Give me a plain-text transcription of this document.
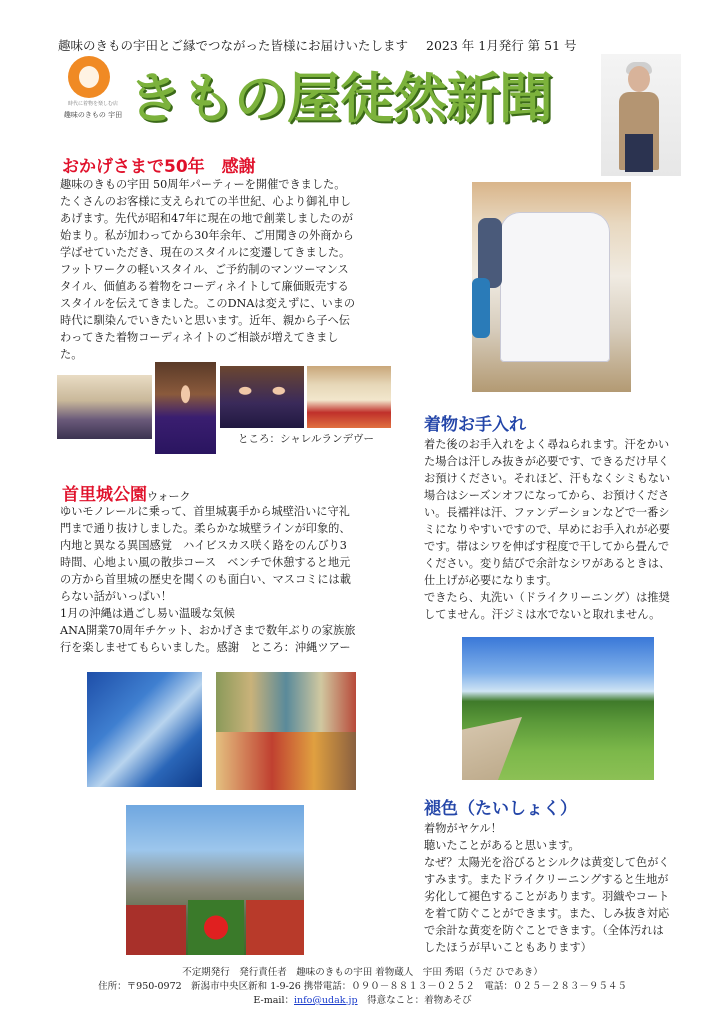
趣味のきもの宇田とご縁でつながった皆様にお届けいたします 2023 年 1月発行 第 51 号
時代に着物を楽しむ店
趣味のきもの 宇田 きもの屋徒然新聞
おかげさまで50年　感謝

趣味のきもの宇田 50周年パーティーを開催できました。

たくさんのお客様に支えられての半世紀、心より御礼申し

あげます。先代が昭和47年に現在の地で創業しましたのが

始まり。私が加わってから30年余年、ご用聞きの外商から

学ばせていただき、現在のスタイルに変遷してきました。

フットワークの軽いスタイル、ご予約制のマンツーマンス

タイル、価値ある着物をコーディネイトして廉価販売する

スタイルを伝えてきました。このDNAは変えずに、いまの

時代に馴染んでいきたいと思います。近年、親から子へ伝

わってきた着物コーディネイトのご相談が増えてきまし

た。

ところ：シャレルランデヴー
首里城公園ウォーク

ゆいモノレールに乗って、首里城裏手から城壁沿いに守礼

門まで通り抜けしました。柔らかな城壁ラインが印象的、

内地と異なる異国感覚　ハイビスカス咲く路をのんびり3

時間、心地よい風の散歩コース　ベンチで休憩すると地元

の方から首里城の歴史を聞くのも面白い、マスコミには載

らない話がいっぱい！

1月の沖縄は過ごし易い温暖な気候

ANA開業70周年チケット、おかげさまで数年ぶりの家族旅

行を楽しませてもらいました。感謝　ところ：沖縄ツアー

着物お手入れ

着た後のお手入れをよく尋ねられます。汗をかい

た場合は汗しみ抜きが必要です、できるだけ早く

お預けください。それほど、汗もなくシミもない

場合はシーズンオフになってから、お預けくださ

い。長襦袢は汗、ファンデーションなどで一番シ

ミになりやすいですので、早めにお手入れが必要

です。帯はシワを伸ばす程度で干してから畳んで

ください。変り結びで余計なシワがあるときは、

仕上げが必要になります。

できたら、丸洗い（ドライクリーニング）は推奨

してません。汗ジミは水でないと取れません。

褪色（たいしょく）

着物がヤケル！

聴いたことがあると思います。

なぜ？太陽光を浴びるとシルクは黄変して色がく

すみます。またドライクリーニングすると生地が

劣化して褪色することがあります。羽織やコート

を着て防ぐことができます。また、しみ抜き対応

で余計な黄変を防ぐことできます。（全体汚れは

したほうが早いこともあります）

不定期発行　発行責任者　趣味のきもの宇田 着物蔵人　宇田 秀昭（うだ ひであき）
住所：〒950-0972　新潟市中央区新和 1-9-26 携帯電話：０９０－８８１３－０２５２　電話：０２５－２８３－９５４５
E-mail：info@udak.jp　得意なこと：着物あそび
